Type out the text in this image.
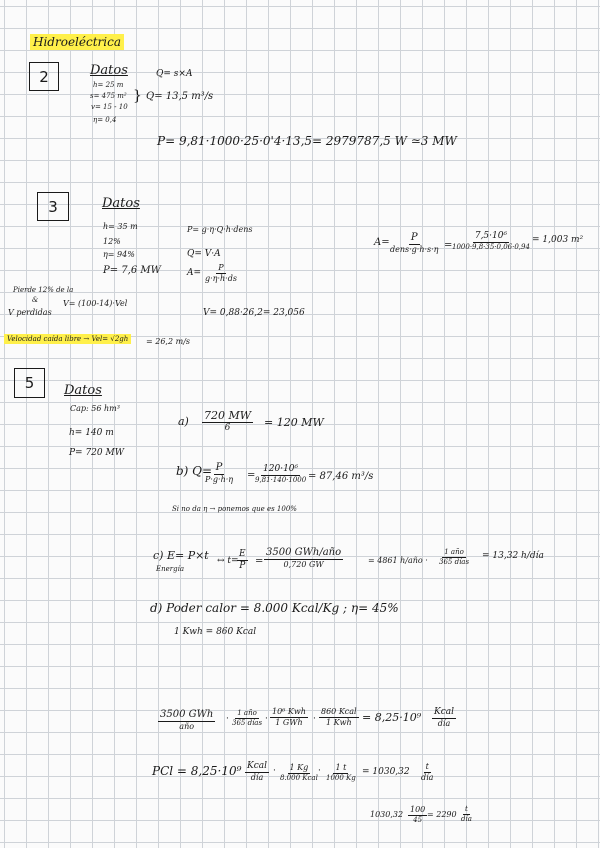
Hidroeléctrica
2	Datos
h= 25 m
s= 475 m²
v= 15 - 10
η= 0,4
Q= s×A
} Q= 13,5 m³/s
P= 9,81·1000·25·0'4·13,5= 2979787,5 W ≃3 MW
3	Datos
h= 35 m
12%
η= 94%
P= 7,6 MW
P= g·η·Q·h·dens
Q= V·A
$A= \frac{P}{g\cdot\eta\cdot h\cdot ds}$
A= P
dens·g·h·s·η =
7,5·10⁶
1000·9,8·35·0,06·0,94
= 1,003 m²
Pierde 12% de la
&
V perdidas
V= (100-14)·Vel
V= 0,88·26,2= 23,056
Velocidad caída libre → Vel= √2gh	= 26,2 m/s
5	Datos
Cap: 56 hm³
h= 140 m
P= 720 MW
a) 720 MW
6	= 120 MW
b) Q= P
P·g·h·η =
120·10⁶
9,81·140·1000 = 87,46 m³/s
Si no da η → ponemos que es 100%
c) E= P×t
Energía
↔ t=
$\frac{E}{P}$ =
3500 GWh/año
0,720 GW	= 4861 h/año ·
1 año
365 días
= 13,32 h/día
d) Poder calor = 8.000 Kcal/Kg ; η= 45%
1 Kwh = 860 Kcal
3500 GWh
año
·
1 año
365 días ·
10⁶ Kwh
1 GWh ·
860 Kcal
1 Kwh = 8,25·10⁹ Kcal
día
PCl = 8,25·10⁹ Kcal
día
· 1 Kg
8.000 Kcal
· $\frac{1 t}{1000 Kg} = 1030,32$
t
día
$1030,32 \frac{100}{45} = 2290$
t
día
